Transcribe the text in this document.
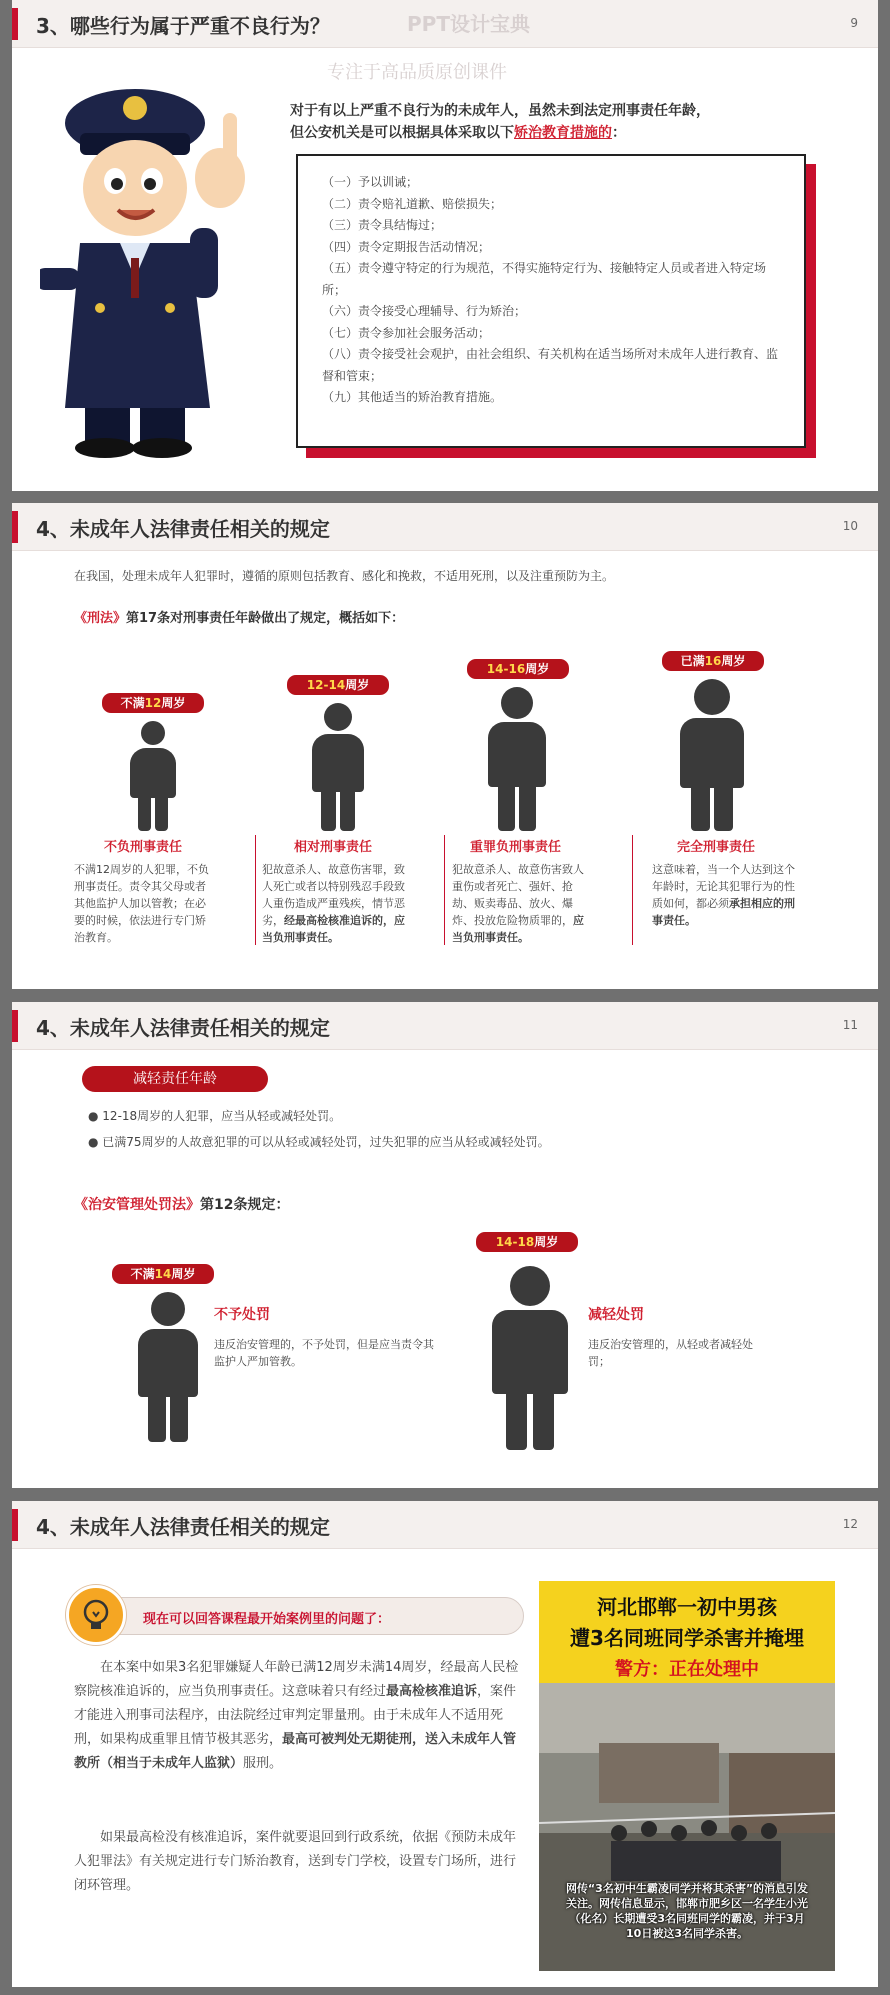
3、哪些行为属于严重不良行为？	9
PPT设计宝典
专注于高品质原创课件
对于有以上严重不良行为的未成年人，虽然未到法定刑事责任年龄，
但公安机关是可以根据具体采取以下矫治教育措施的：
（一）予以训诫；
（二）责令赔礼道歉、赔偿损失；
（三）责令具结悔过；
（四）责令定期报告活动情况；
（五）责令遵守特定的行为规范，不得实施特定行为、接触特定人员或者进入特定场所；
（六）责令接受心理辅导、行为矫治；
（七）责令参加社会服务活动；
（八）责令接受社会观护，由社会组织、有关机构在适当场所对未成年人进行教育、监督和管束；
（九）其他适当的矫治教育措施。
4、未成年人法律责任相关的规定	10
在我国，处理未成年人犯罪时，遵循的原则包括教育、感化和挽救，不适用死刑，以及注重预防为主。
《刑法》第17条对刑事责任年龄做出了规定，概括如下：
不满12周岁
不负刑事责任
不满12周岁的人犯罪，不负刑事责任。责令其父母或者其他监护人加以管教；在必要的时候，依法进行专门矫治教育。
12-14周岁
相对刑事责任
犯故意杀人、故意伤害罪，致人死亡或者以特别残忍手段致人重伤造成严重残疾，情节恶劣，经最高检核准追诉的，应当负刑事责任。
14-16周岁
重罪负刑事责任
犯故意杀人、故意伤害致人重伤或者死亡、强奸、抢劫、贩卖毒品、放火、爆炸、投放危险物质罪的，应当负刑事责任。
已满16周岁
完全刑事责任
这意味着，当一个人达到这个年龄时，无论其犯罪行为的性质如何，都必须承担相应的刑事责任。
4、未成年人法律责任相关的规定	11
减轻责任年龄
● 12-18周岁的人犯罪，应当从轻或减轻处罚。
● 已满75周岁的人故意犯罪的可以从轻或减轻处罚，过失犯罪的应当从轻或减轻处罚。
《治安管理处罚法》第12条规定：
不满14周岁
不予处罚
违反治安管理的，不予处罚，但是应当责令其监护人严加管教。
14-18周岁
减轻处罚
违反治安管理的，从轻或者减轻处罚；
4、未成年人法律责任相关的规定	12
现在可以回答课程最开始案例里的问题了：
在本案中如果3名犯罪嫌疑人年龄已满12周岁未满14周岁，经最高人民检察院核准追诉的，应当负刑事责任。这意味着只有经过最高检核准追诉，案件才能进入刑事司法程序，由法院经过审判定罪量刑。由于未成年人不适用死刑，如果构成重罪且情节极其恶劣，最高可被判处无期徒刑，送入未成年人管教所（相当于未成年人监狱）服刑。
如果最高检没有核准追诉，案件就要退回到行政系统，依据《预防未成年人犯罪法》有关规定进行专门矫治教育，送到专门学校，设置专门场所，进行闭环管理。
河北邯郸一初中男孩
遭3名同班同学杀害并掩埋
警方：正在处理中
网传“3名初中生霸凌同学并将其杀害”的消息引发关注。网传信息显示，邯郸市肥乡区一名学生小光（化名）长期遭受3名同班同学的霸凌，并于3月10日被这3名同学杀害。
